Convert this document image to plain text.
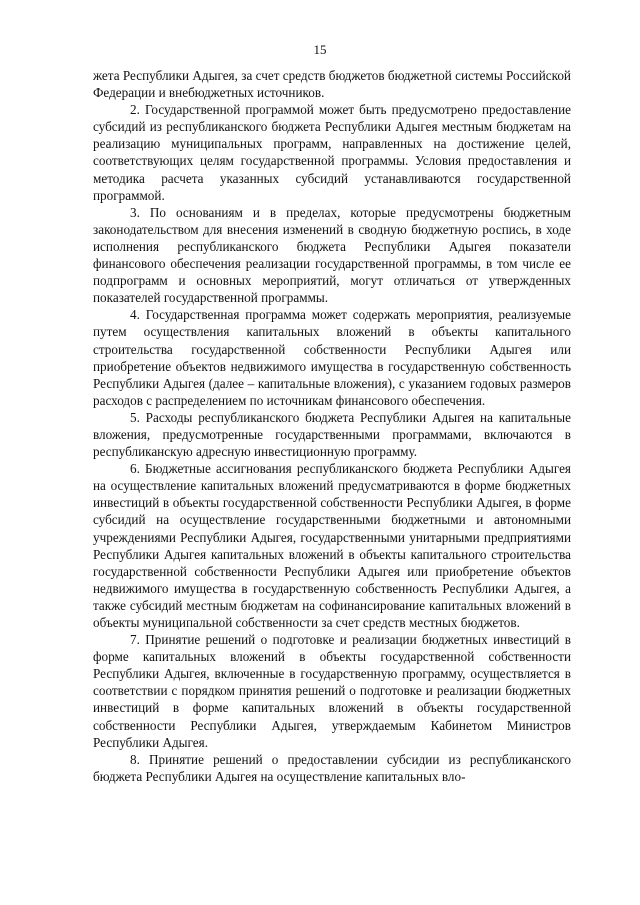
15

жета Республики Адыгея, за счет средств бюджетов бюджетной системы Российской Федерации и внебюджетных источников.

2. Государственной программой может быть предусмотрено предоставление субсидий из республиканского бюджета Республики Адыгея местным бюджетам на реализацию муниципальных программ, направленных на достижение целей, соответствующих целям государственной программы. Условия предоставления и методика расчета указанных субсидий устанавливаются государственной программой.

3. По основаниям и в пределах, которые предусмотрены бюджетным законодательством для внесения изменений в сводную бюджетную роспись, в ходе исполнения республиканского бюджета Республики Адыгея показатели финансового обеспечения реализации государственной программы, в том числе ее подпрограмм и основных мероприятий, могут отличаться от утвержденных показателей государственной программы.

4. Государственная программа может содержать мероприятия, реализуемые путем осуществления капитальных вложений в объекты капитального строительства государственной собственности Республики Адыгея или приобретение объектов недвижимого имущества в государственную собственность Республики Адыгея (далее – капитальные вложения), с указанием годовых размеров расходов с распределением по источникам финансового обеспечения.

5. Расходы республиканского бюджета Республики Адыгея на капитальные вложения, предусмотренные государственными программами, включаются в республиканскую адресную инвестиционную программу.

6. Бюджетные ассигнования республиканского бюджета Республики Адыгея на осуществление капитальных вложений предусматриваются в форме бюджетных инвестиций в объекты государственной собственности Республики Адыгея, в форме субсидий на осуществление государственными бюджетными и автономными учреждениями Республики Адыгея, государственными унитарными предприятиями Республики Адыгея капитальных вложений в объекты капитального строительства государственной собственности Республики Адыгея или приобретение объектов недвижимого имущества в государственную собственность Республики Адыгея, а также субсидий местным бюджетам на софинансирование капитальных вложений в объекты муниципальной собственности за счет средств местных бюджетов.

7. Принятие решений о подготовке и реализации бюджетных инвестиций в форме капитальных вложений в объекты государственной собственности Республики Адыгея, включенные в государственную программу, осуществляется в соответствии с порядком принятия решений о подготовке и реализации бюджетных инвестиций в форме капитальных вложений в объекты государственной собственности Республики Адыгея, утверждаемым Кабинетом Министров Республики Адыгея.

8. Принятие решений о предоставлении субсидии из республиканского бюджета Республики Адыгея на осуществление капитальных вло-
